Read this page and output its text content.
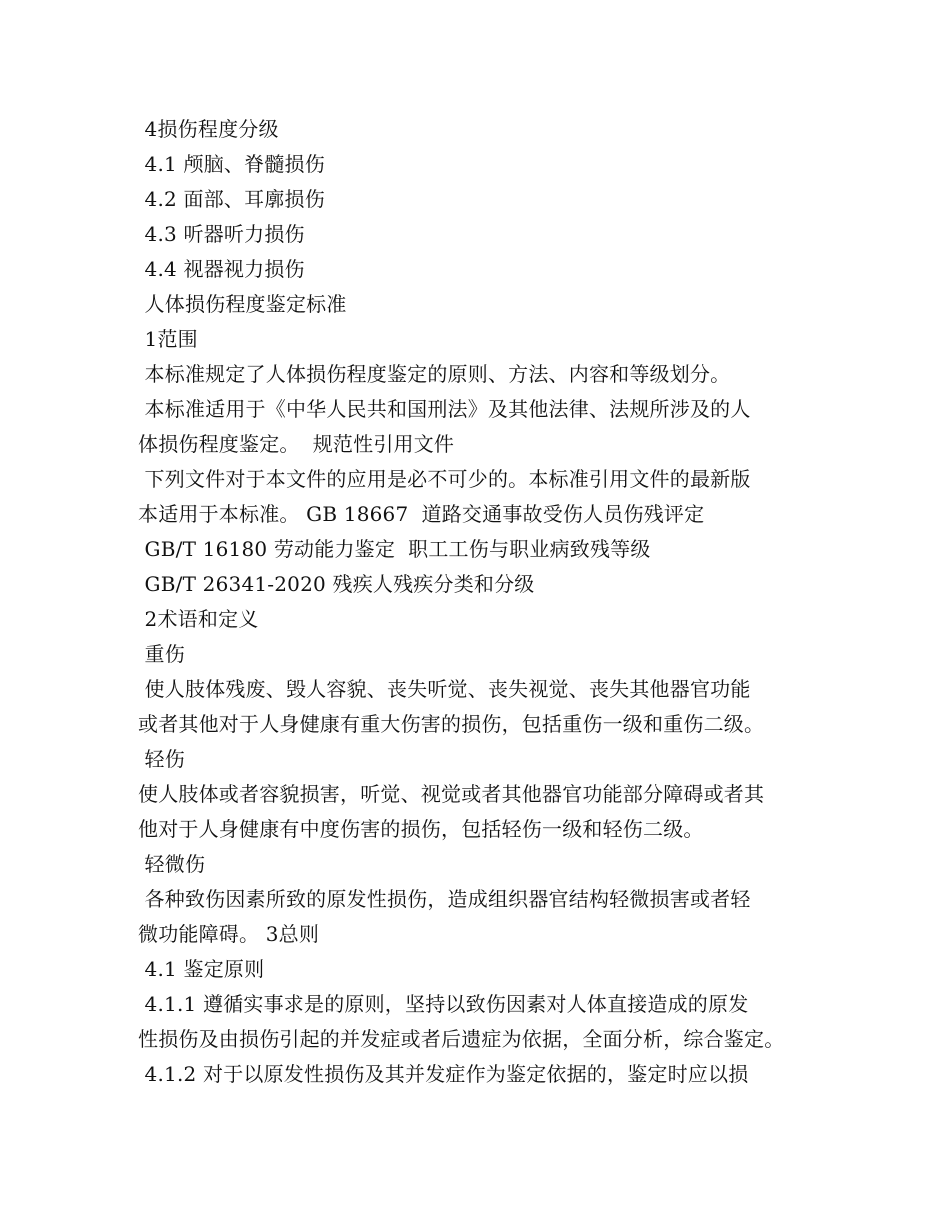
4损伤程度分级
4.1 颅脑、脊髓损伤
4.2 面部、耳廓损伤
4.3 听器听力损伤
4.4 视器视力损伤
人体损伤程度鉴定标准
1范围
本标准规定了人体损伤程度鉴定的原则、方法、内容和等级划分。
本标准适用于《中华人民共和国刑法》及其他法律、法规所涉及的人
体损伤程度鉴定。  规范性引用文件
下列文件对于本文件的应用是必不可少的。本标准引用文件的最新版
本适用于本标准。 GB 18667  道路交通事故受伤人员伤残评定
GB/T 16180 劳动能力鉴定  职工工伤与职业病致残等级
GB/T 26341-2020 残疾人残疾分类和分级
2术语和定义
重伤
使人肢体残废、毁人容貌、丧失听觉、丧失视觉、丧失其他器官功能
或者其他对于人身健康有重大伤害的损伤，包括重伤一级和重伤二级。
轻伤
使人肢体或者容貌损害，听觉、视觉或者其他器官功能部分障碍或者其
他对于人身健康有中度伤害的损伤，包括轻伤一级和轻伤二级。
轻微伤
各种致伤因素所致的原发性损伤，造成组织器官结构轻微损害或者轻
微功能障碍。 3总则
4.1 鉴定原则
4.1.1 遵循实事求是的原则，坚持以致伤因素对人体直接造成的原发
性损伤及由损伤引起的并发症或者后遗症为依据，全面分析，综合鉴定。
4.1.2 对于以原发性损伤及其并发症作为鉴定依据的，鉴定时应以损
